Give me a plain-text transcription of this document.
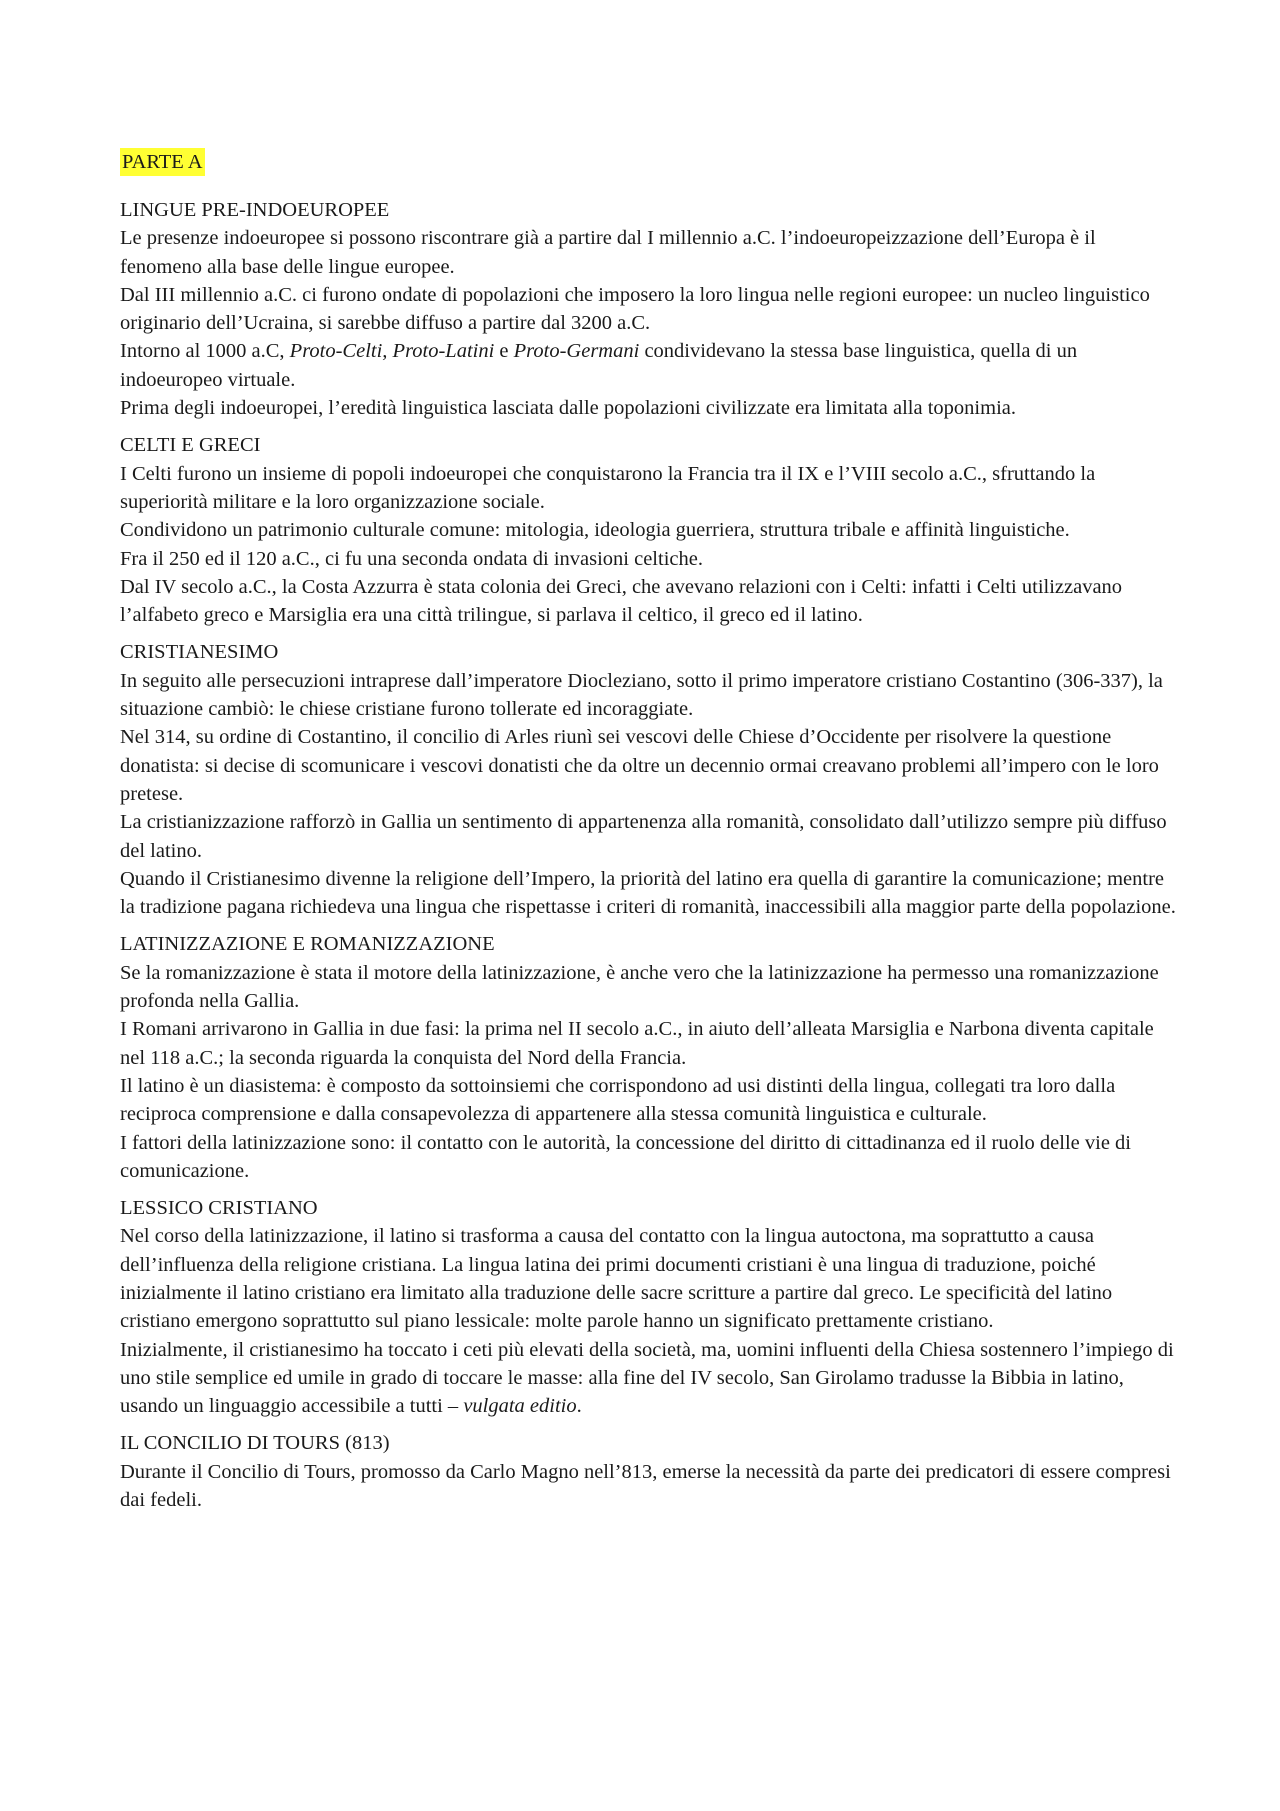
PARTE A
LINGUE PRE-INDOEUROPEE

Le presenze indoeuropee si possono riscontrare già a partire dal I millennio a.C. l’indoeuropeizzazione dell’Europa è il fenomeno alla base delle lingue europee.

Dal III millennio a.C. ci furono ondate di popolazioni che imposero la loro lingua nelle regioni europee: un nucleo linguistico originario dell’Ucraina, si sarebbe diffuso a partire dal 3200 a.C.

Intorno al 1000 a.C, Proto-Celti, Proto-Latini e Proto-Germani condividevano la stessa base linguistica, quella di un indoeuropeo virtuale.

Prima degli indoeuropei, l’eredità linguistica lasciata dalle popolazioni civilizzate era limitata alla toponimia.

CELTI E GRECI

I Celti furono un insieme di popoli indoeuropei che conquistarono la Francia tra il IX e l’VIII secolo a.C., sfruttando la superiorità militare e la loro organizzazione sociale.

Condividono un patrimonio culturale comune: mitologia, ideologia guerriera, struttura tribale e affinità linguistiche.

Fra il 250 ed il 120 a.C., ci fu una seconda ondata di invasioni celtiche.

Dal IV secolo a.C., la Costa Azzurra è stata colonia dei Greci, che avevano relazioni con i Celti: infatti i Celti utilizzavano l’alfabeto greco e Marsiglia era una città trilingue, si parlava il celtico, il greco ed il latino.

CRISTIANESIMO

In seguito alle persecuzioni intraprese dall’imperatore Diocleziano, sotto il primo imperatore cristiano Costantino (306-337), la situazione cambiò: le chiese cristiane furono tollerate ed incoraggiate.

Nel 314, su ordine di Costantino, il concilio di Arles riunì sei vescovi delle Chiese d’Occidente per risolvere la questione donatista: si decise di scomunicare i vescovi donatisti che da oltre un decennio ormai creavano problemi all’impero con le loro pretese.

La cristianizzazione rafforzò in Gallia un sentimento di appartenenza alla romanità, consolidato dall’utilizzo sempre più diffuso del latino.

Quando il Cristianesimo divenne la religione dell’Impero, la priorità del latino era quella di garantire la comunicazione; mentre la tradizione pagana richiedeva una lingua che rispettasse i criteri di romanità, inaccessibili alla maggior parte della popolazione.

LATINIZZAZIONE E ROMANIZZAZIONE

Se la romanizzazione è stata il motore della latinizzazione, è anche vero che la latinizzazione ha permesso una romanizzazione profonda nella Gallia.

I Romani arrivarono in Gallia in due fasi: la prima nel II secolo a.C., in aiuto dell’alleata Marsiglia e Narbona diventa capitale nel 118 a.C.; la seconda riguarda la conquista del Nord della Francia.

Il latino è un diasistema: è composto da sottoinsiemi che corrispondono ad usi distinti della lingua, collegati tra loro dalla reciproca comprensione e dalla consapevolezza di appartenere alla stessa comunità linguistica e culturale.

I fattori della latinizzazione sono: il contatto con le autorità, la concessione del diritto di cittadinanza ed il ruolo delle vie di comunicazione.

LESSICO CRISTIANO

Nel corso della latinizzazione, il latino si trasforma a causa del contatto con la lingua autoctona, ma soprattutto a causa dell’influenza della religione cristiana. La lingua latina dei primi documenti cristiani è una lingua di traduzione, poiché inizialmente il latino cristiano era limitato alla traduzione delle sacre scritture a partire dal greco. Le specificità del latino cristiano emergono soprattutto sul piano lessicale: molte parole hanno un significato prettamente cristiano.

Inizialmente, il cristianesimo ha toccato i ceti più elevati della società, ma, uomini influenti della Chiesa sostennero l’impiego di uno stile semplice ed umile in grado di toccare le masse: alla fine del IV secolo, San Girolamo tradusse la Bibbia in latino, usando un linguaggio accessibile a tutti – vulgata editio.

IL CONCILIO DI TOURS (813)

Durante il Concilio di Tours, promosso da Carlo Magno nell’813, emerse la necessità da parte dei predicatori di essere compresi dai fedeli.
